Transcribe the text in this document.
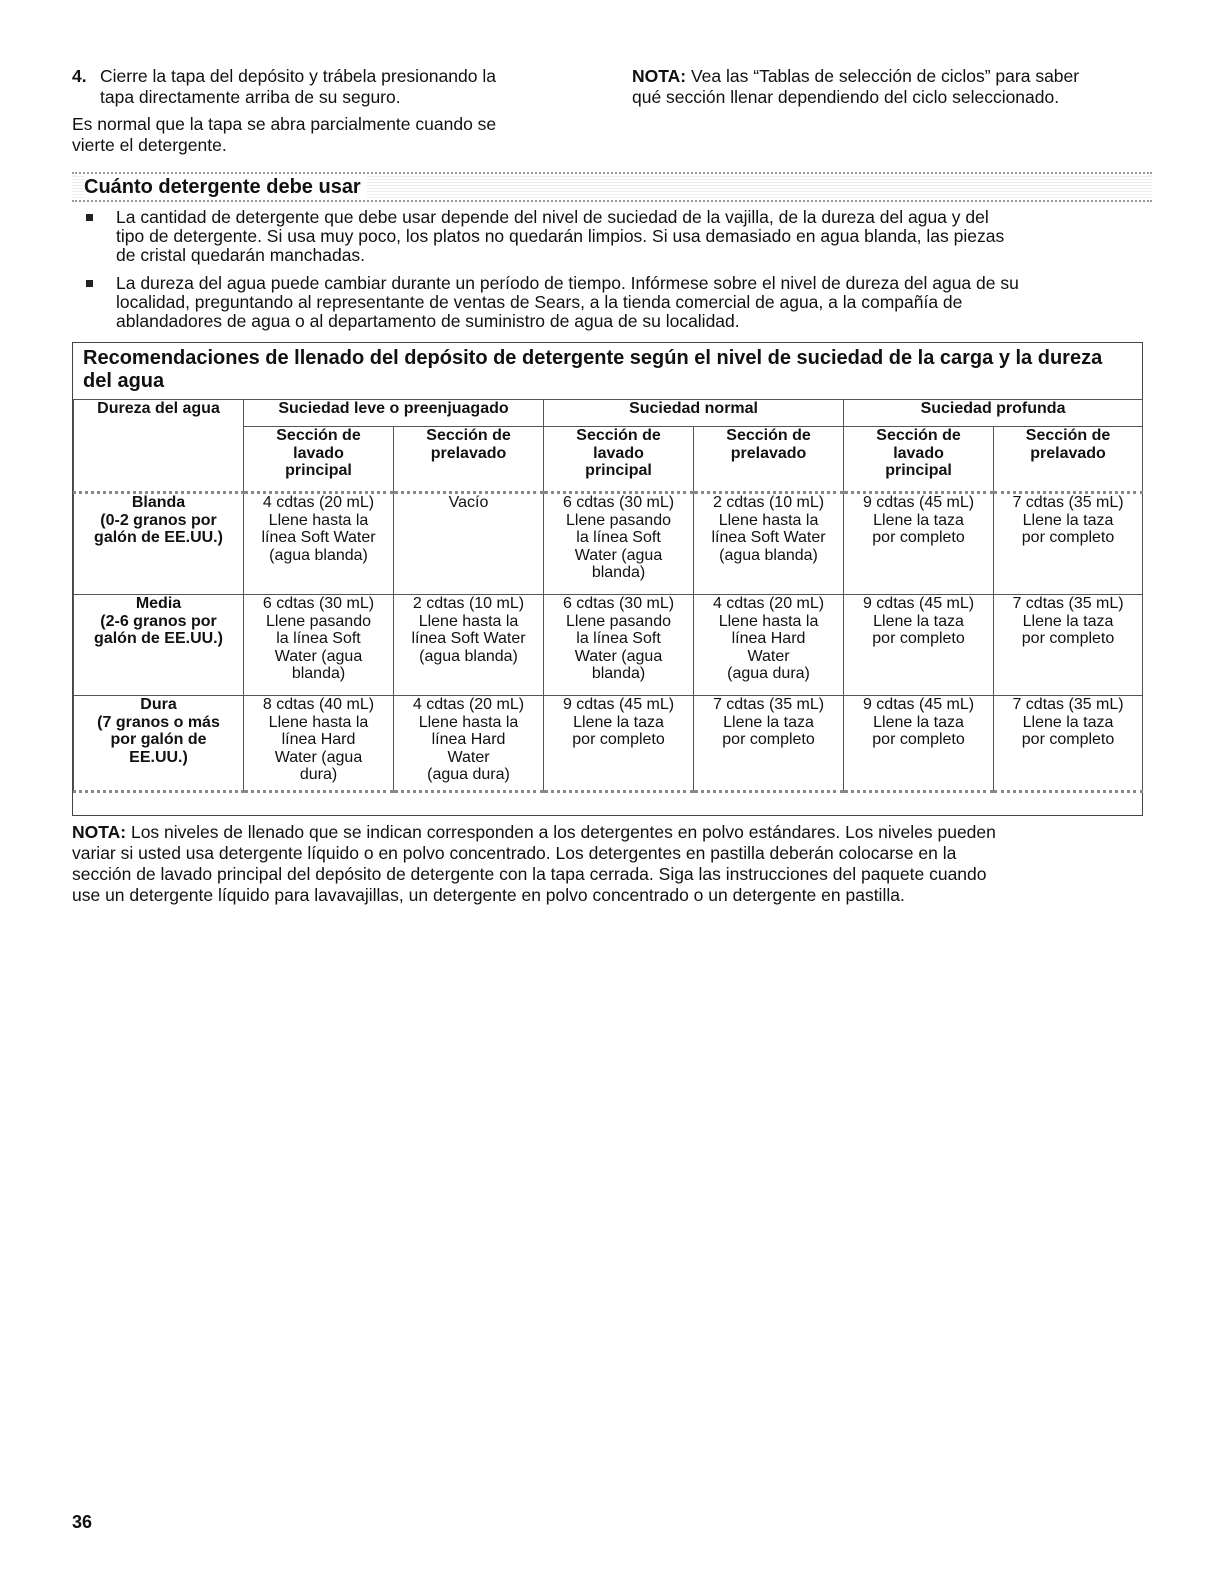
4. Cierre la tapa del depósito y trábela presionando la
tapa directamente arriba de su seguro.
Es normal que la tapa se abra parcialmente cuando se
vierte el detergente.
NOTA: Vea las “Tablas de selección de ciclos” para saber
qué sección llenar dependiendo del ciclo seleccionado.
Cuánto detergente debe usar
La cantidad de detergente que debe usar depende del nivel de suciedad de la vajilla, de la dureza del agua y del
tipo de detergente. Si usa muy poco, los platos no quedarán limpios. Si usa demasiado en agua blanda, las piezas
de cristal quedarán manchadas.
La dureza del agua puede cambiar durante un período de tiempo. Infórmese sobre el nivel de dureza del agua de su
localidad, preguntando al representante de ventas de Sears, a la tienda comercial de agua, a la compañía de
ablandadores de agua o al departamento de suministro de agua de su localidad.
Recomendaciones de llenado del depósito de detergente según el nivel de suciedad de la carga y la dureza
del agua
Dureza del agua	Suciedad leve o preenjuagado		Suciedad normal		Suciedad profunda	

	Sección de
lavado
principal	Sección de
prelavado	Sección de
lavado
principal	Sección de
prelavado	Sección de
lavado
principal	Sección de
prelavado

Blanda
(0-2 granos por
galón de EE.UU.)	4 cdtas (20 mL)
Llene hasta la
línea Soft Water
(agua blanda)	Vacío	6 cdtas (30 mL)
Llene pasando
la línea Soft
Water (agua
blanda)	2 cdtas (10 mL)
Llene hasta la
línea Soft Water
(agua blanda)	9 cdtas (45 mL)
Llene la taza
por completo	7 cdtas (35 mL)
Llene la taza
por completo

Media
(2-6 granos por
galón de EE.UU.)	6 cdtas (30 mL)
Llene pasando
la línea Soft
Water (agua
blanda)	2 cdtas (10 mL)
Llene hasta la
línea Soft Water
(agua blanda)	6 cdtas (30 mL)
Llene pasando
la línea Soft
Water (agua
blanda)	4 cdtas (20 mL)
Llene hasta la
línea Hard
Water
(agua dura)	9 cdtas (45 mL)
Llene la taza
por completo	7 cdtas (35 mL)
Llene la taza
por completo

Dura
(7 granos o más
por galón de
EE.UU.)	8 cdtas (40 mL)
Llene hasta la
línea Hard
Water (agua
dura)	4 cdtas (20 mL)
Llene hasta la
línea Hard
Water
(agua dura)	9 cdtas (45 mL)
Llene la taza
por completo	7 cdtas (35 mL)
Llene la taza
por completo	9 cdtas (45 mL)
Llene la taza
por completo	7 cdtas (35 mL)
Llene la taza
por completo
NOTA: Los niveles de llenado que se indican corresponden a los detergentes en polvo estándares. Los niveles pueden
variar si usted usa detergente líquido o en polvo concentrado. Los detergentes en pastilla deberán colocarse en la
sección de lavado principal del depósito de detergente con la tapa cerrada. Siga las instrucciones del paquete cuando
use un detergente líquido para lavavajillas, un detergente en polvo concentrado o un detergente en pastilla.
36
